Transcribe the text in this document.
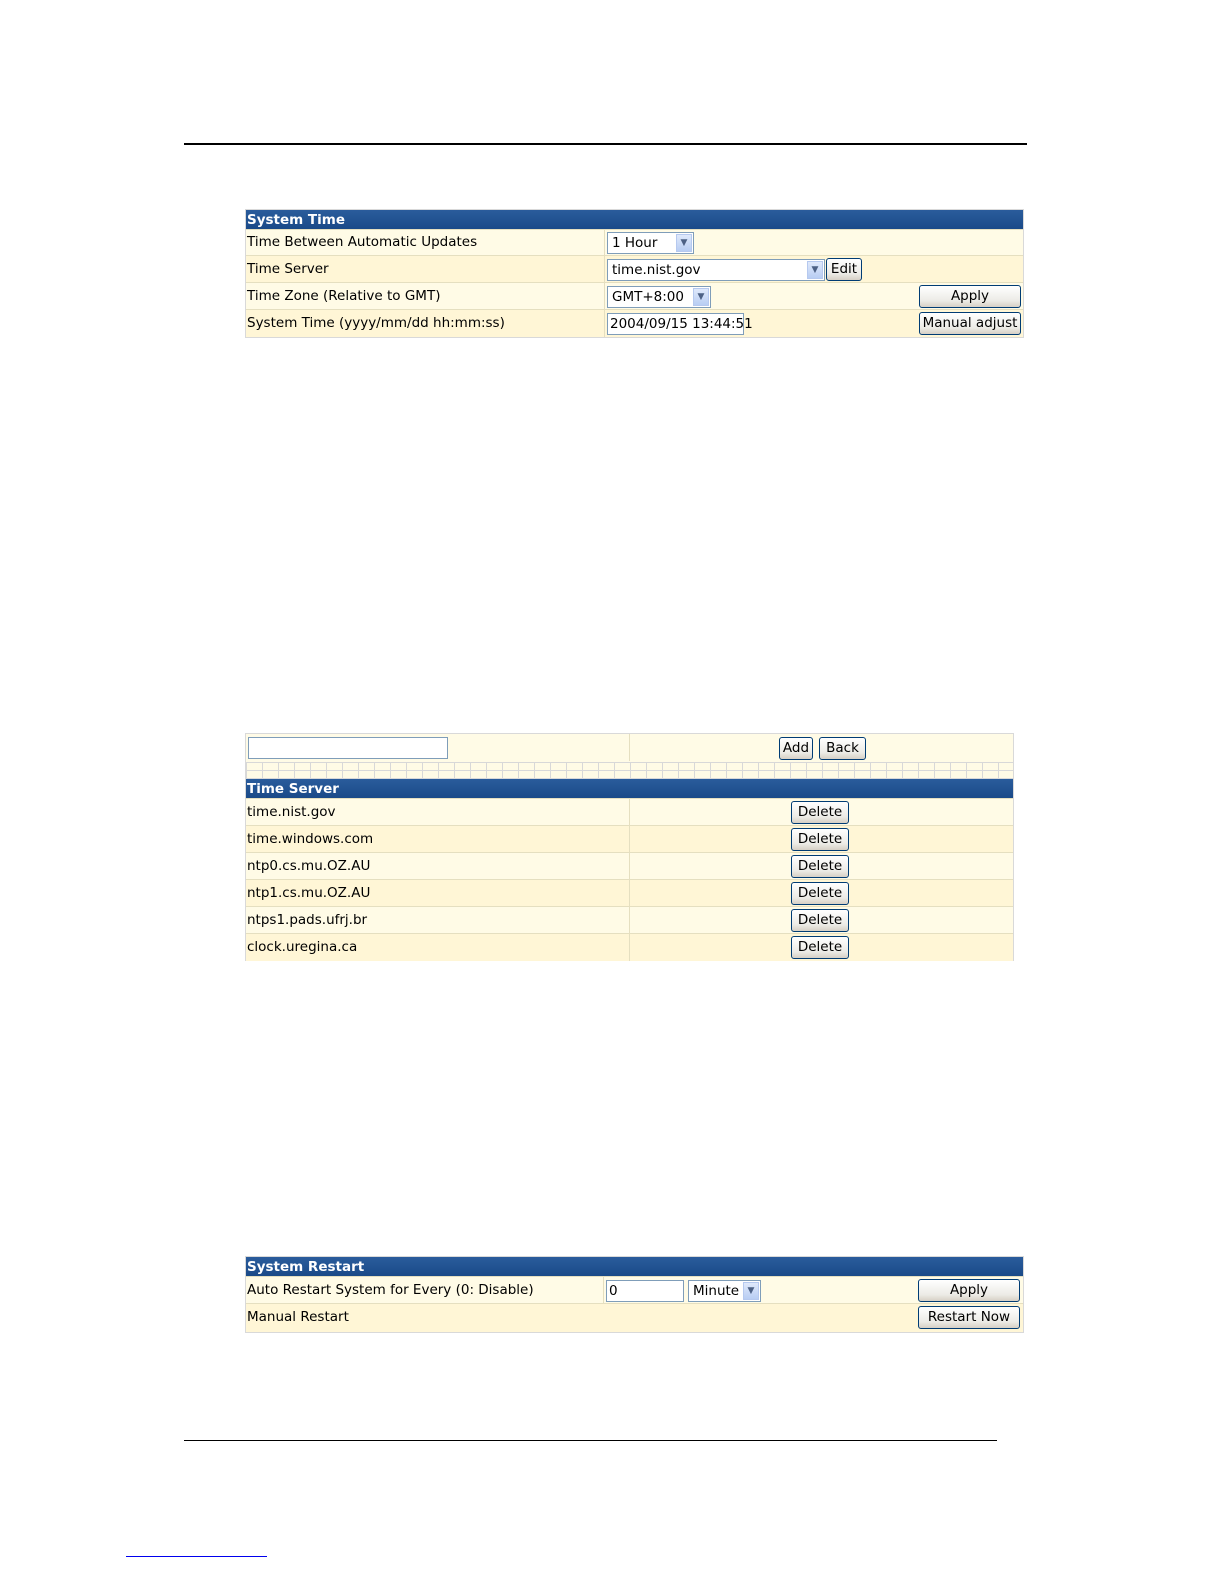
System Time
Time Between Automatic Updates	1 Hour	▼
Time Server	time.nist.gov	▼ Edit
Time Zone (Relative to GMT)	GMT+8:00	▼	Apply
System Time (yyyy/mm/dd hh:mm:ss)	2004/09/15 13:44:51	Manual adjust
Add	Back
Time Server
time.nist.gov	Delete
time.windows.com	Delete
ntp0.cs.mu.OZ.AU	Delete
ntp1.cs.mu.OZ.AU	Delete
ntps1.pads.ufrj.br	Delete
clock.uregina.ca	Delete
System Restart
Auto Restart System for Every (0: Disable)	0	Minute ▼	Apply
Manual Restart	Restart Now
